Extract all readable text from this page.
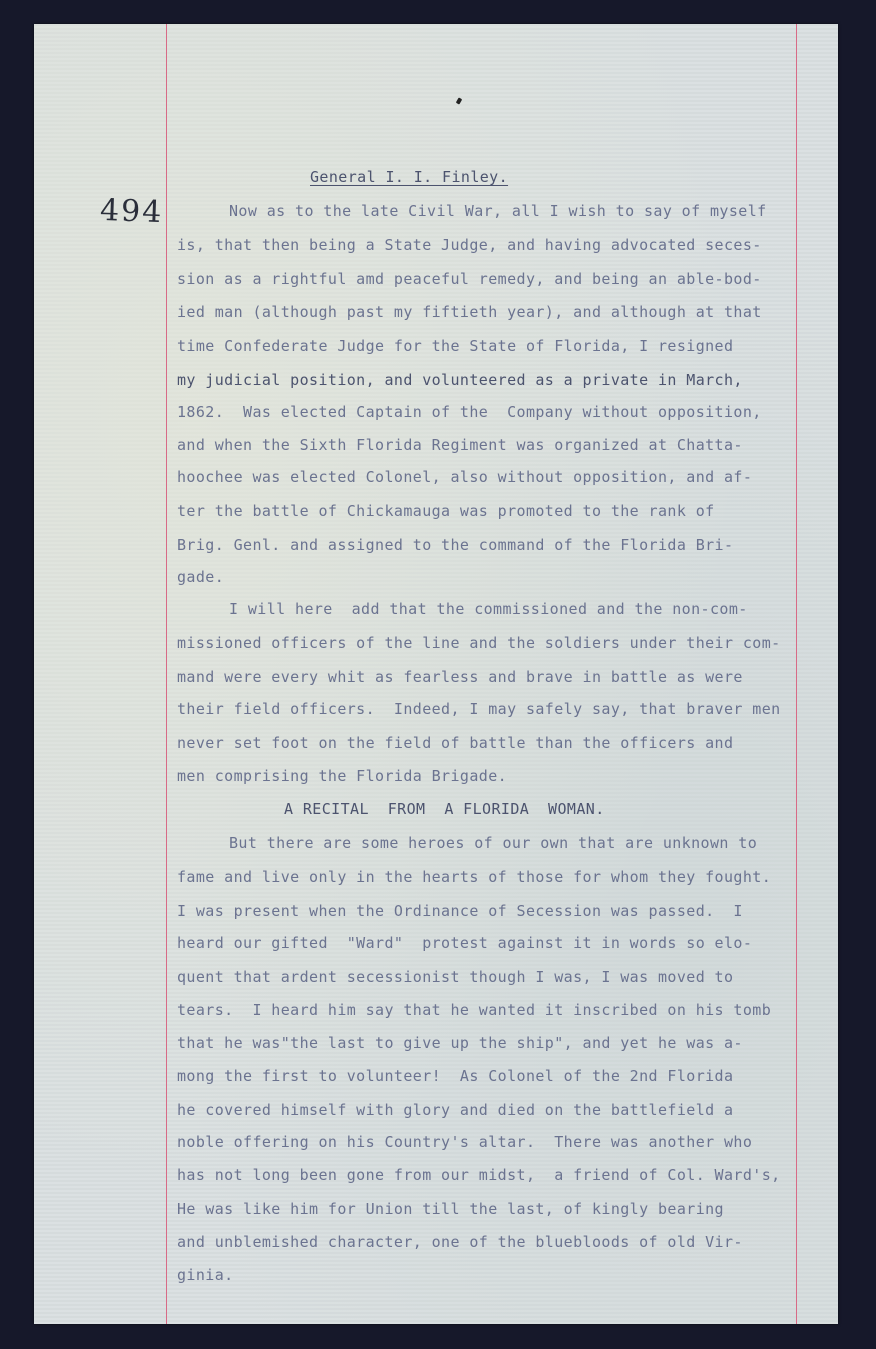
494
General I. I. Finley.
Now as to the late Civil War, all I wish to say of myself
is, that then being a State Judge, and having advocated seces-
sion as a rightful amd peaceful remedy, and being an able-bod-
ied man (although past my fiftieth year), and although at that
time Confederate Judge for the State of Florida, I resigned
my judicial position, and volunteered as a private in March,
1862.  Was elected Captain of the  Company without opposition,
and when the Sixth Florida Regiment was organized at Chatta-
hoochee was elected Colonel, also without opposition, and af-
ter the battle of Chickamauga was promoted to the rank of
Brig. Genl. and assigned to the command of the Florida Bri-
gade.
I will here  add that the commissioned and the non-com-
missioned officers of the line and the soldiers under their com-
mand were every whit as fearless and brave in battle as were
their field officers.  Indeed, I may safely say, that braver men
never set foot on the field of battle than the officers and
men comprising the Florida Brigade.
A RECITAL  FROM  A FLORIDA  WOMAN.
But there are some heroes of our own that are unknown to
fame and live only in the hearts of those for whom they fought.
I was present when the Ordinance of Secession was passed.  I
heard our gifted  "Ward"  protest against it in words so elo-
quent that ardent secessionist though I was, I was moved to
tears.  I heard him say that he wanted it inscribed on his tomb
that he was"the last to give up the ship", and yet he was a-
mong the first to volunteer!  As Colonel of the 2nd Florida
he covered himself with glory and died on the battlefield a
noble offering on his Country's altar.  There was another who
has not long been gone from our midst,  a friend of Col. Ward's,
He was like him for Union till the last, of kingly bearing
and unblemished character, one of the bluebloods of old Vir-
ginia.
